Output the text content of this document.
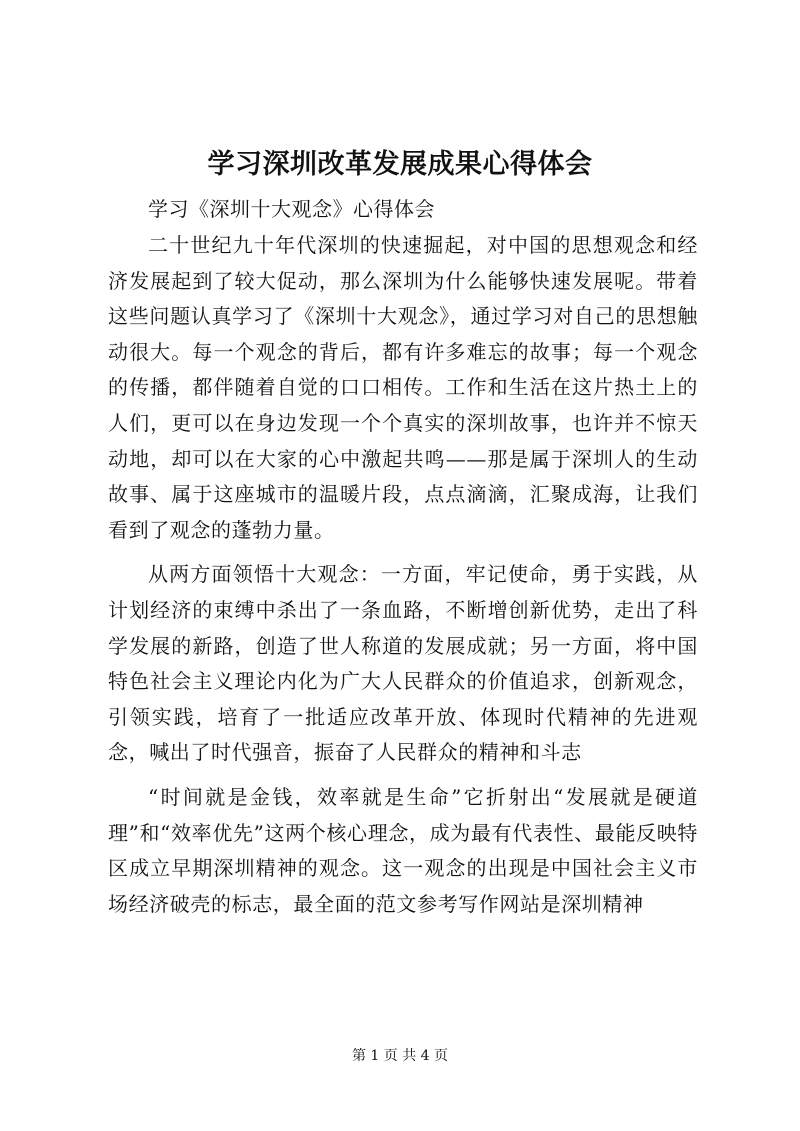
学习深圳改革发展成果心得体会

学习《深圳十大观念》心得体会

二十世纪九十年代深圳的快速掘起，对中国的思想观念和经济发展起到了较大促动，那么深圳为什么能够快速发展呢。带着这些问题认真学习了《深圳十大观念》，通过学习对自己的思想触动很大。每一个观念的背后，都有许多难忘的故事；每一个观念的传播，都伴随着自觉的口口相传。工作和生活在这片热土上的人们，更可以在身边发现一个个真实的深圳故事，也许并不惊天动地，却可以在大家的心中激起共鸣——那是属于深圳人的生动故事、属于这座城市的温暖片段，点点滴滴，汇聚成海，让我们看到了观念的蓬勃力量。

从两方面领悟十大观念：一方面，牢记使命，勇于实践，从计划经济的束缚中杀出了一条血路，不断增创新优势，走出了科学发展的新路，创造了世人称道的发展成就；另一方面，将中国特色社会主义理论内化为广大人民群众的价值追求，创新观念，引领实践，培育了一批适应改革开放、体现时代精神的先进观念，喊出了时代强音，振奋了人民群众的精神和斗志

“时间就是金钱，效率就是生命”它折射出“发展就是硬道理”和“效率优先”这两个核心理念，成为最有代表性、最能反映特区成立早期深圳精神的观念。这一观念的出现是中国社会主义市场经济破壳的标志，最全面的范文参考写作网站是深圳精神

第 1 页 共 4 页
